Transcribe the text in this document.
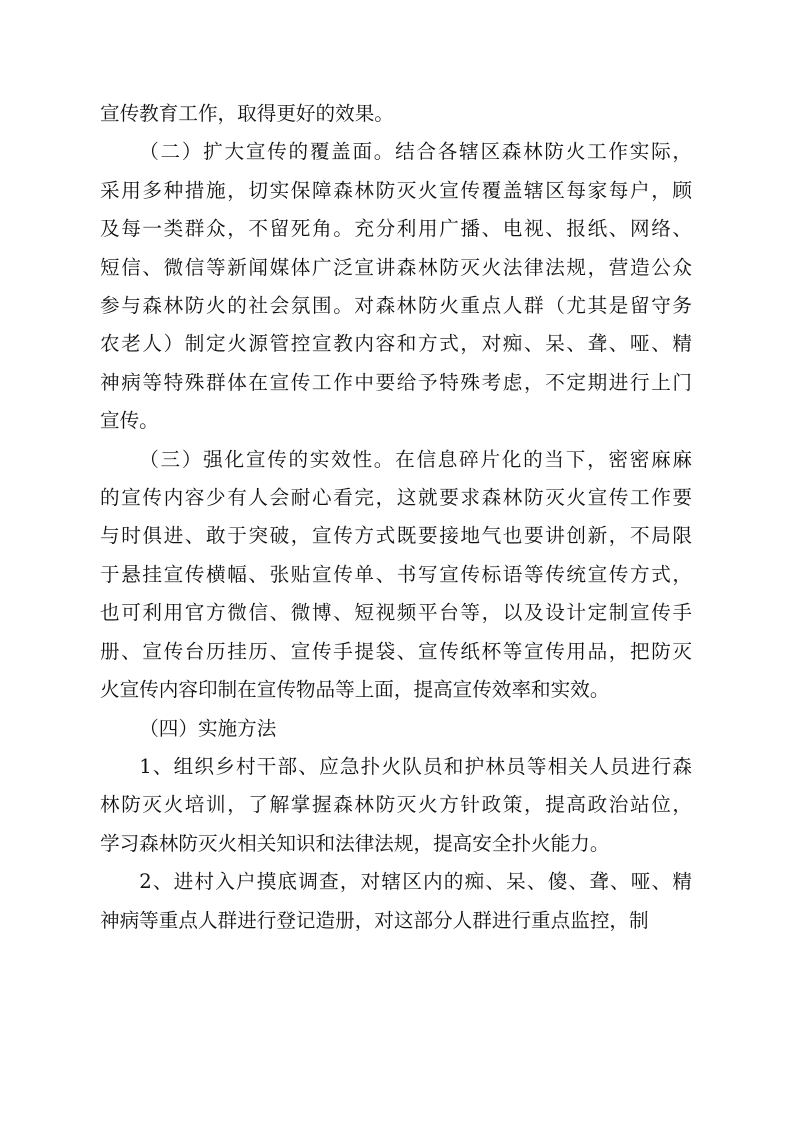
宣传教育工作，取得更好的效果。
（二）扩大宣传的覆盖面。结合各辖区森林防火工作实际，
采用多种措施，切实保障森林防灭火宣传覆盖辖区每家每户，顾
及每一类群众，不留死角。充分利用广播、电视、报纸、网络、
短信、微信等新闻媒体广泛宣讲森林防灭火法律法规，营造公众
参与森林防火的社会氛围。对森林防火重点人群（尤其是留守务
农老人）制定火源管控宣教内容和方式，对痴、呆、聋、哑、精
神病等特殊群体在宣传工作中要给予特殊考虑，不定期进行上门
宣传。
（三）强化宣传的实效性。在信息碎片化的当下，密密麻麻
的宣传内容少有人会耐心看完，这就要求森林防灭火宣传工作要
与时俱进、敢于突破，宣传方式既要接地气也要讲创新，不局限
于悬挂宣传横幅、张贴宣传单、书写宣传标语等传统宣传方式，
也可利用官方微信、微博、短视频平台等，以及设计定制宣传手
册、宣传台历挂历、宣传手提袋、宣传纸杯等宣传用品，把防灭
火宣传内容印制在宣传物品等上面，提高宣传效率和实效。
（四）实施方法
1、组织乡村干部、应急扑火队员和护林员等相关人员进行森
林防灭火培训，了解掌握森林防灭火方针政策，提高政治站位，
学习森林防灭火相关知识和法律法规，提高安全扑火能力。
2、进村入户摸底调查，对辖区内的痴、呆、傻、聋、哑、精
神病等重点人群进行登记造册，对这部分人群进行重点监控，制
